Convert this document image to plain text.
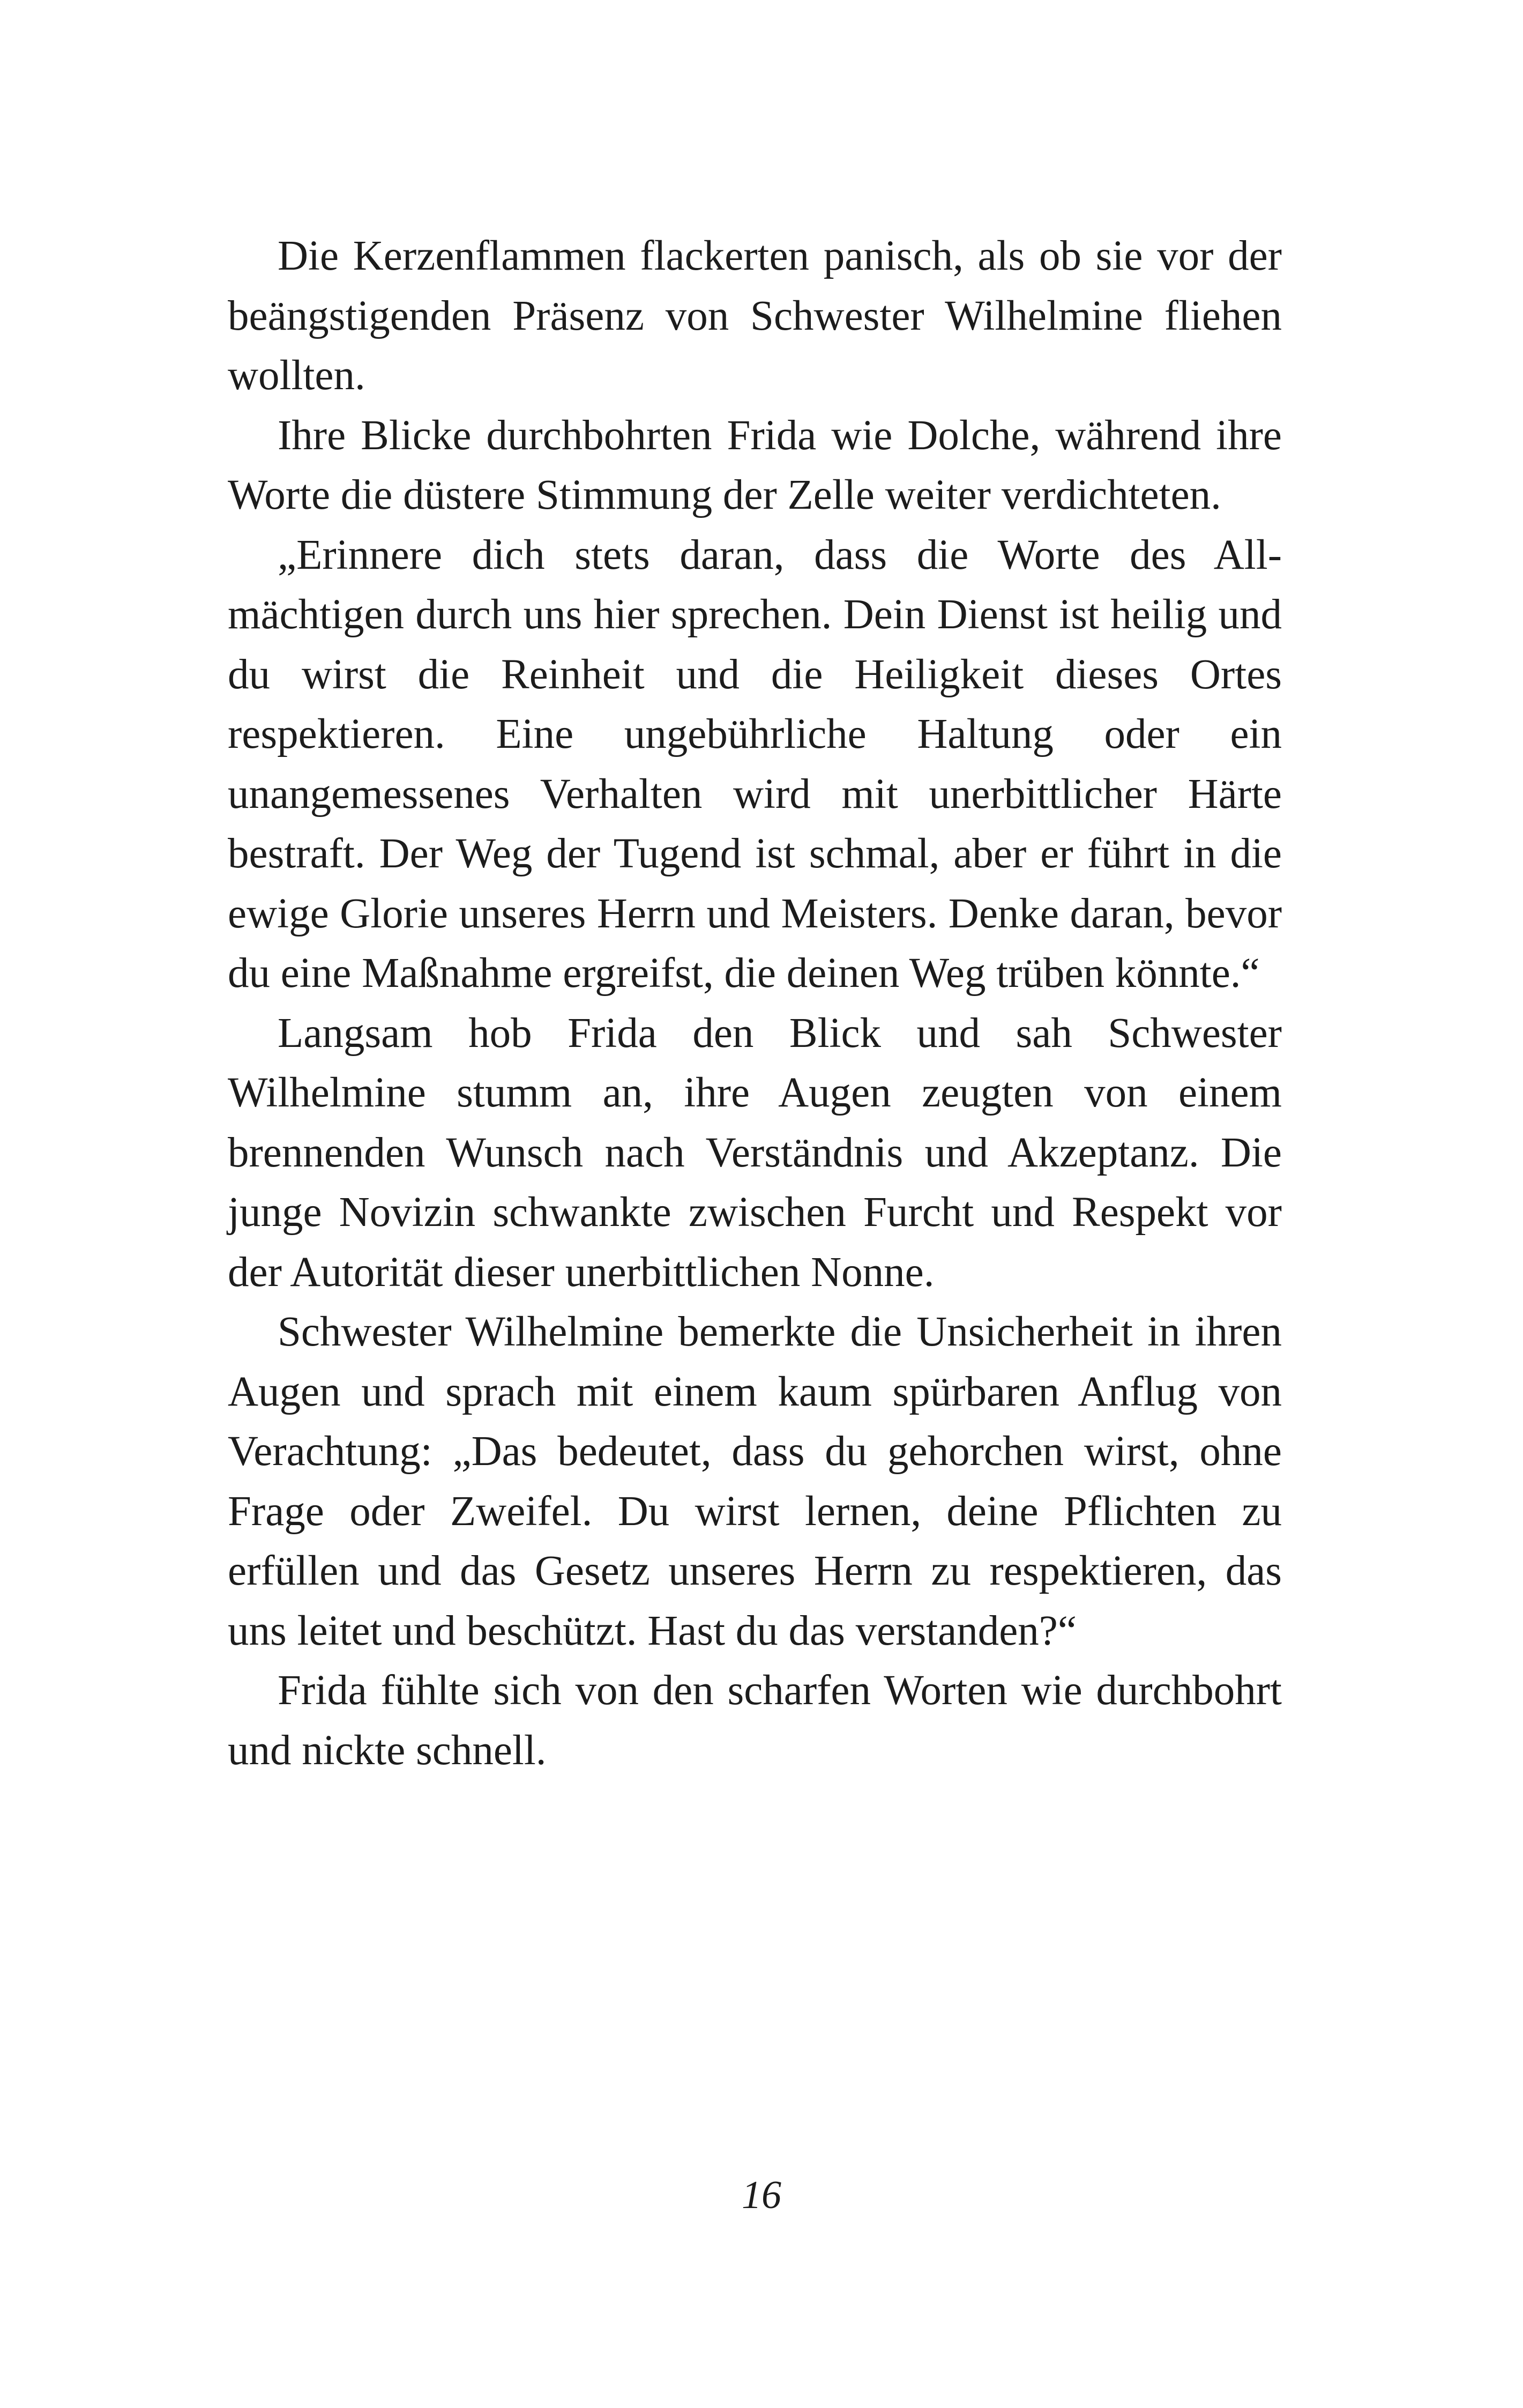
Die Kerzenflammen flackerten panisch, als ob sie vor der beängstigenden Präsenz von Schwester Wilhelmine fliehen wollten.

Ihre Blicke durchbohrten Frida wie Dolche, während ihre Worte die düstere Stimmung der Zelle weiter verdichteten.

„Erinnere dich stets daran, dass die Worte des Allmächtigen durch uns hier sprechen. Dein Dienst ist heilig und du wirst die Reinheit und die Heiligkeit dieses Ortes respektieren. Eine ungebührliche Haltung oder ein unangemessenes Verhalten wird mit unerbittlicher Härte bestraft. Der Weg der Tugend ist schmal, aber er führt in die ewige Glorie unseres Herrn und Meisters. Denke daran, bevor du eine Maßnahme ergreifst, die deinen Weg trüben könnte.“

Langsam hob Frida den Blick und sah Schwester Wilhelmine stumm an, ihre Augen zeugten von einem brennenden Wunsch nach Verständnis und Akzeptanz. Die junge Novizin schwankte zwischen Furcht und Respekt vor der Autorität dieser unerbittlichen Nonne.

Schwester Wilhelmine bemerkte die Unsicherheit in ihren Augen und sprach mit einem kaum spürbaren Anflug von Verachtung: „Das bedeutet, dass du gehorchen wirst, ohne Frage oder Zweifel. Du wirst lernen, deine Pflichten zu erfüllen und das Gesetz unseres Herrn zu respektieren, das uns leitet und beschützt. Hast du das verstanden?“

Frida fühlte sich von den scharfen Worten wie durchbohrt und nickte schnell.

16
